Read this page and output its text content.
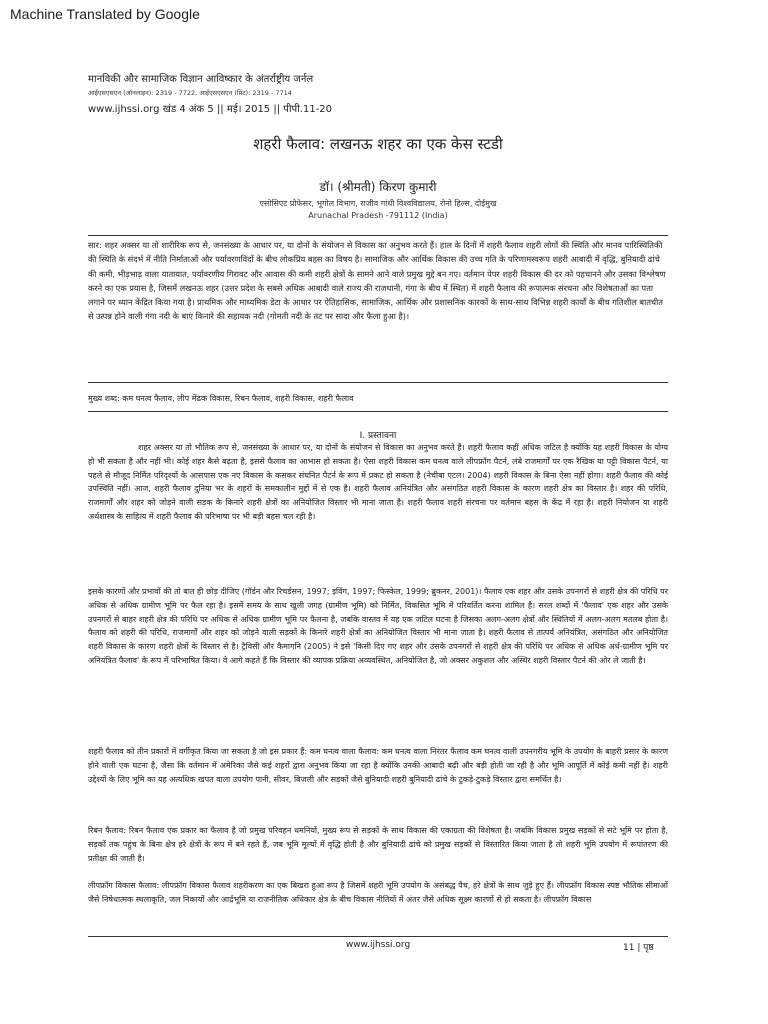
Machine Translated by Google
मानविकी और सामाजिक विज्ञान आविष्कार के अंतर्राष्ट्रीय जर्नल
आईएसएसएन (ऑनलाइन): 2319 - 7722, आईएसएसएन (प्रिंट): 2319 - 7714
www.ijhssi.org खंड 4 अंक 5 || मई। 2015 || पीपी.11-20
शहरी फैलाव: लखनऊ शहर का एक केस स्टडी
डॉ। (श्रीमती) किरण कुमारी
एसोसिएट प्रोफेसर, भूगोल विभाग, राजीव गांधी विश्वविद्यालय, रोनो हिल्स, दोईमुख
Arunachal Pradesh -791112 (India)

सार: शहर अक्सर या तो शारीरिक रूप से, जनसंख्या के आधार पर, या दोनों के संयोजन से विकास का अनुभव करते हैं। हाल के दिनों में शहरी फैलाव शहरी लोगों की स्थिति और मानव पारिस्थितिकी की स्थिति के संदर्भ में नीति निर्माताओं और पर्यावरणविदों के बीच लोकप्रिय बहस का विषय है। सामाजिक और आर्थिक विकास की उच्च गति के परिणामस्वरूप शहरी आबादी में वृद्धि, बुनियादी ढांचे की कमी, भीड़भाड़ वाला यातायात, पर्यावरणीय गिरावट और आवास की कमी शहरी क्षेत्रों के सामने आने वाले प्रमुख मुद्दे बन गए। वर्तमान पेपर शहरी विकास की दर को पहचानने और उसका विश्लेषण करने का एक प्रयास है, जिसमें लखनऊ शहर (उत्तर प्रदेश के सबसे अधिक आबादी वाले राज्य की राजधानी, गंगा के बीच में स्थित) में शहरी फैलाव की रूपात्मक संरचना और विशेषताओं का पता लगाने पर ध्यान केंद्रित किया गया है। प्राथमिक और माध्यमिक डेटा के आधार पर ऐतिहासिक, सामाजिक, आर्थिक और प्रशासनिक कारकों के साथ-साथ विभिन्न शहरी कार्यों के बीच गतिशील बातचीत से उत्पन्न होने वाली गंगा नदी के बाएं किनारे की सहायक नदी (गोमती नदी के तट पर सादा और फैला हुआ है)।

मुख्य शब्द: कम घनत्व फैलाव, लीप मेंढक विकास, रिबन फैलाव, शहरी विकास, शहरी फैलाव
I. प्रस्तावना

शहर अक्सर या तो भौतिक रूप से, जनसंख्या के आधार पर, या दोनों के संयोजन से विकास का अनुभव करते हैं। शहरी फैलाव कहीं अधिक जटिल है क्योंकि यह शहरी विकास के योग्य हो भी सकता है और नहीं भी। कोई शहर कैसे बढ़ता है, इससे फैलाव का आभास हो सकता है। ऐसा शहरी विकास कम घनत्व वाले लीपफ्रॉग पैटर्न, लंबे राजमार्गों पर एक रैखिक या पट्टी विकास पैटर्न, या पहले से मौजूद निर्मित परिदृश्यों के आसपास एक नए विकास के कसकर संघनित पैटर्न के रूप में प्रकट हो सकता है (नेचीबा एटल। 2004) शहरी विकास के बिना ऐसा नहीं होगा। शहरी फैलाव की कोई उपस्थिति नहीं। आज, शहरी फैलाव दुनिया भर के शहरों के समकालीन मुद्दों में से एक है। शहरी फैलाव अनियंत्रित और असंगठित शहरी विकास के कारण शहरी क्षेत्र का विस्तार है। शहर की परिधि, राजमार्गों और शहर को जोड़ने वाली सड़क के किनारे शहरी क्षेत्रों का अनियोजित विस्तार भी माना जाता है। शहरी फैलाव शहरी संरचना पर वर्तमान बहस के केंद्र में रहा है। शहरी नियोजन या शहरी अर्थशास्त्र के साहित्य में शहरी फैलाव की परिभाषा पर भी बड़ी बहस चल रही है।

इसके कारणों और प्रभावों की तो बात ही छोड़ दीजिए (गॉर्डन और रिचर्डसन, 1997; इविंग, 1997; फिस्केल, 1999; ब्रुकनर, 2001)। फैलाव एक शहर और उसके उपनगरों से शहरी क्षेत्र की परिधि पर अधिक से अधिक ग्रामीण भूमि पर फैल रहा है। इसमें समय के साथ खुली जगह (ग्रामीण भूमि) को निर्मित, विकसित भूमि में परिवर्तित करना शामिल है। सरल शब्दों में 'फैलाव' एक शहर और उसके उपनगरों से बाहर शहरी क्षेत्र की परिधि पर अधिक से अधिक ग्रामीण भूमि पर फैलना है, जबकि वास्तव में यह एक जटिल घटना है जिसका अलग-अलग क्षेत्रों और स्थितियों में अलग-अलग मतलब होता है। फैलाव को शहरी की परिधि, राजमार्गों और शहर को जोड़ने वाली सड़कों के किनारे शहरी क्षेत्रों का अनियोजित विस्तार भी माना जाता है। शहरी फैलाव से तात्पर्य अनियंत्रित, असंगठित और अनियोजित शहरी विकास के कारण शहरी क्षेत्रों के विस्तार से है। ट्रैविसी और कैमागनि (2005) ने इसे 'किसी दिए गए शहर और उसके उपनगरों से शहरी क्षेत्र की परिधि पर अधिक से अधिक अर्ध-ग्रामीण भूमि पर अनियंत्रित फैलाव' के रूप में परिभाषित किया। वे आगे कहते हैं कि विस्तार की व्यापक प्रक्रिया अव्यवस्थित, अनियोजित है, जो अक्सर अकुशल और अस्थिर शहरी विस्तार पैटर्न की ओर ले जाती है।

शहरी फैलाव को तीन प्रकारों में वर्गीकृत किया जा सकता है जो इस प्रकार हैं: कम घनत्व वाला फैलाव: कम घनत्व वाला निरंतर फैलाव कम घनत्व वाली उपनगरीय भूमि के उपयोग के बाहरी प्रसार के कारण होने वाली एक घटना है, जैसा कि वर्तमान में अमेरिका जैसे कई शहरों द्वारा अनुभव किया जा रहा है क्योंकि उनकी आबादी बढ़ी और बड़ी होती जा रही है और भूमि आपूर्ति में कोई कमी नहीं है। शहरी उद्देश्यों के लिए भूमि का यह अत्यधिक खपत वाला उपयोग पानी, सीवर, बिजली और सड़कों जैसे बुनियादी शहरी बुनियादी ढांचे के टुकड़े-टुकड़े विस्तार द्वारा समर्थित है।

रिबन फैलाव: रिबन फैलाव एक प्रकार का फैलाव है जो प्रमुख परिवहन धमनियों, मुख्य रूप से सड़कों के साथ विकास की एकाग्रता की विशेषता है। जबकि विकास प्रमुख सड़कों से सटे भूमि पर होता है, सड़कों तक पहुंच के बिना क्षेत्र हरे क्षेत्रों के रूप में बने रहते हैं, जब भूमि मूल्यों में वृद्धि होती है और बुनियादी ढांचे को प्रमुख सड़कों से विस्तारित किया जाता है तो शहरी भूमि उपयोग में रूपांतरण की प्रतीक्षा की जाती है।

लीपफ्रॉग विकास फैलाव: लीपफ्रॉग विकास फैलाव शहरीकरण का एक बिखरा हुआ रूप है जिसमें शहरी भूमि उपयोग के असंबद्ध पैच, हरे क्षेत्रों के साथ जुड़े हुए हैं। लीपफ्रॉग विकास स्पष्ट भौतिक सीमाओं जैसे निषेधात्मक स्थलाकृति, जल निकायों और आर्द्रभूमि या राजनीतिक अधिकार क्षेत्र के बीच विकास नीतियों में अंतर जैसे अधिक सूक्ष्म कारणों से हो सकता है। लीपफ्रॉग विकास

www.ijhssi.org	11 | पृष्ठ
